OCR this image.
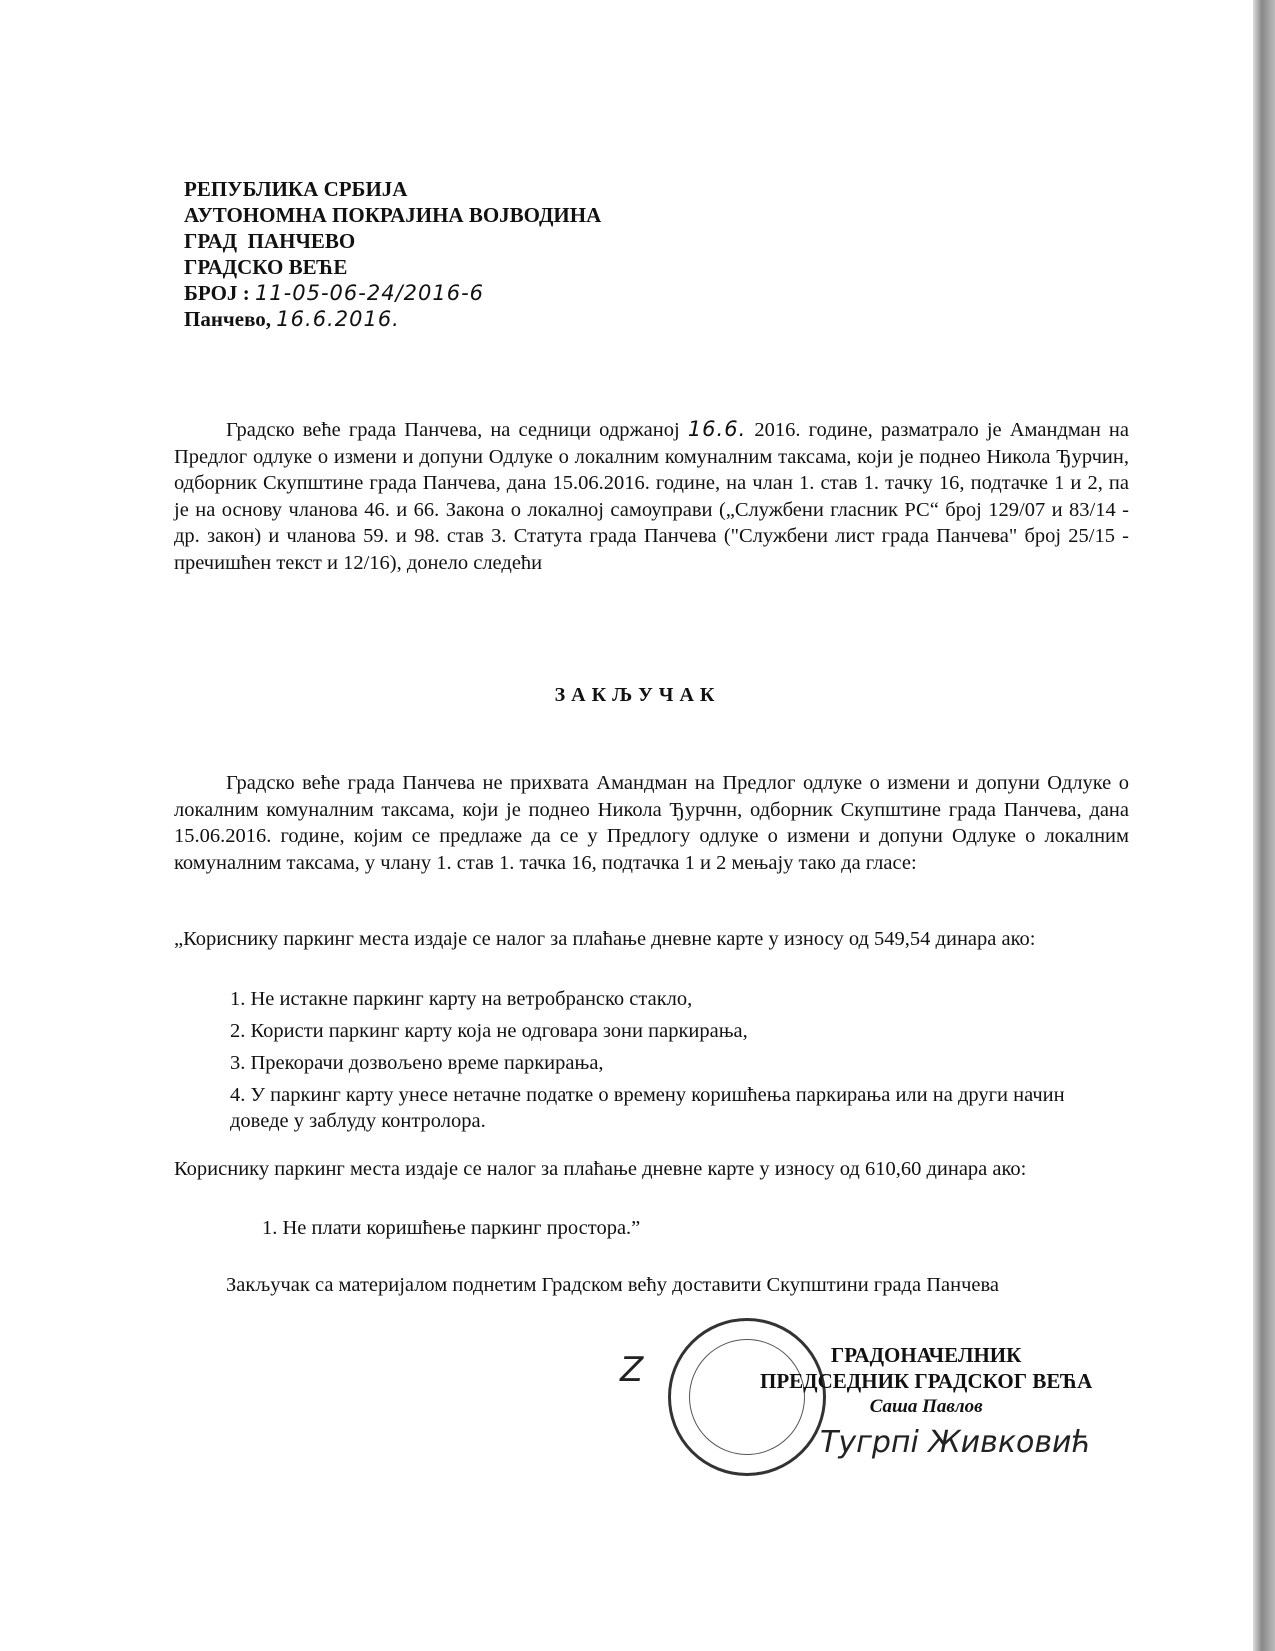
РЕПУБЛИКА СРБИЈА
АУТОНОМНА ПОКРАЈИНА ВОЈВОДИНА
ГРАД  ПАНЧЕВО
ГРАДСКО ВЕЋЕ
БРОЈ : 11-05-06-24/2016-6
Панчево, 16.6.2016.
Градско веће града Панчева, на седници одржаној 16.6. 2016. године, разматрало је Амандман на Предлог одлуке о измени и допуни Одлуке о локалним комуналним таксама, који је поднео Никола Ђурчин, одборник Скупштине града Панчева, дана 15.06.2016. године, на члан 1. став 1. тачку 16, подтачке 1 и 2, па је на основу чланова 46. и 66. Закона о локалној самоуправи („Службени гласник РС“ број 129/07 и 83/14 - др. закон) и чланова 59. и 98. став 3. Статута града Панчева ("Службени лист града Панчева" број 25/15 - пречишћен текст и 12/16), донело следећи
ЗАКЉУЧАК
Градско веће града Панчева не прихвата Амандман на Предлог одлуке о измени и допуни Одлуке о локалним комуналним таксама, који је поднео Никола Ђурчнн, одборник Скупштине града Панчева, дана 15.06.2016. године, којим се предлаже да се у Предлогу одлуке о измени и допуни Одлуке о локалним комуналним таксама, у члану 1. став 1. тачка 16, подтачка 1 и 2 мењају тако да гласе:
„Кориснику паркинг места издаје се налог за плаћање дневне карте у износу од 549,54 динара ако:
1. Не истакне паркинг карту на ветробранско стакло,
2. Користи паркинг карту која не одговара зони паркирања,
3. Прекорачи дозвољено време паркирања,
4. У паркинг карту унесе нетачне податке о времену коришћења паркирања или на други начин доведе у заблуду контролора.
Кориснику паркинг места издаје се налог за плаћање дневне карте у износу од 610,60 динара ако:
1. Не плати коришћење паркинг простора.”
Закључак са материјалом поднетим Градском већу доставити Скупштини града Панчева
Z	ГРАДОНАЧЕЛНИК
ПРЕДСЕДНИК ГРАДСКОГ ВЕЋА
Саша Павлов
Тугрпі Живковић
